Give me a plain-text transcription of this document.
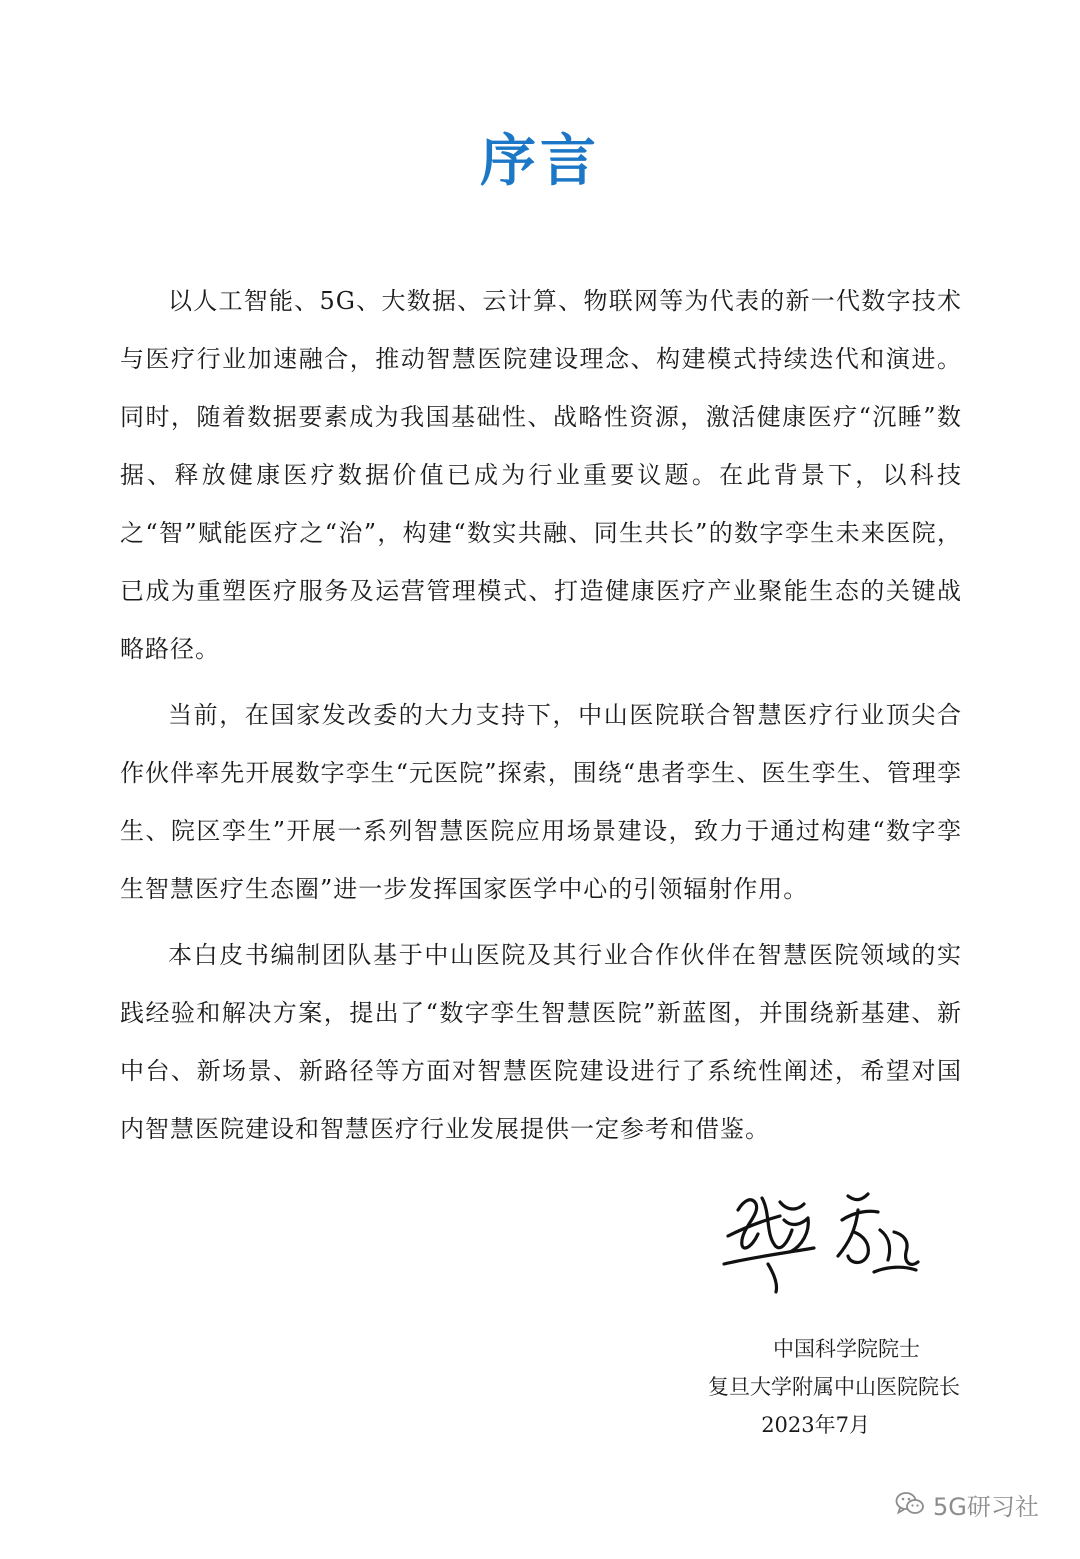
序言

以人工智能、5G、大数据、云计算、物联网等为代表的新一代数字技术与医疗行业加速融合，推动智慧医院建设理念、构建模式持续迭代和演进。同时，随着数据要素成为我国基础性、战略性资源，激活健康医疗“沉睡”数据、释放健康医疗数据价值已成为行业重要议题。在此背景下，以科技之“智”赋能医疗之“治”，构建“数实共融、同生共长”的数字孪生未来医院，已成为重塑医疗服务及运营管理模式、打造健康医疗产业聚能生态的关键战略路径。

当前，在国家发改委的大力支持下，中山医院联合智慧医疗行业顶尖合作伙伴率先开展数字孪生“元医院”探索，围绕“患者孪生、医生孪生、管理孪生、院区孪生”开展一系列智慧医院应用场景建设，致力于通过构建“数字孪生智慧医疗生态圈”进一步发挥国家医学中心的引领辐射作用。

本白皮书编制团队基于中山医院及其行业合作伙伴在智慧医院领域的实践经验和解决方案，提出了“数字孪生智慧医院”新蓝图，并围绕新基建、新中台、新场景、新路径等方面对智慧医院建设进行了系统性阐述，希望对国内智慧医院建设和智慧医疗行业发展提供一定参考和借鉴。

中国科学院院士
复旦大学附属中山医院院长
2023年7月
5G研习社
